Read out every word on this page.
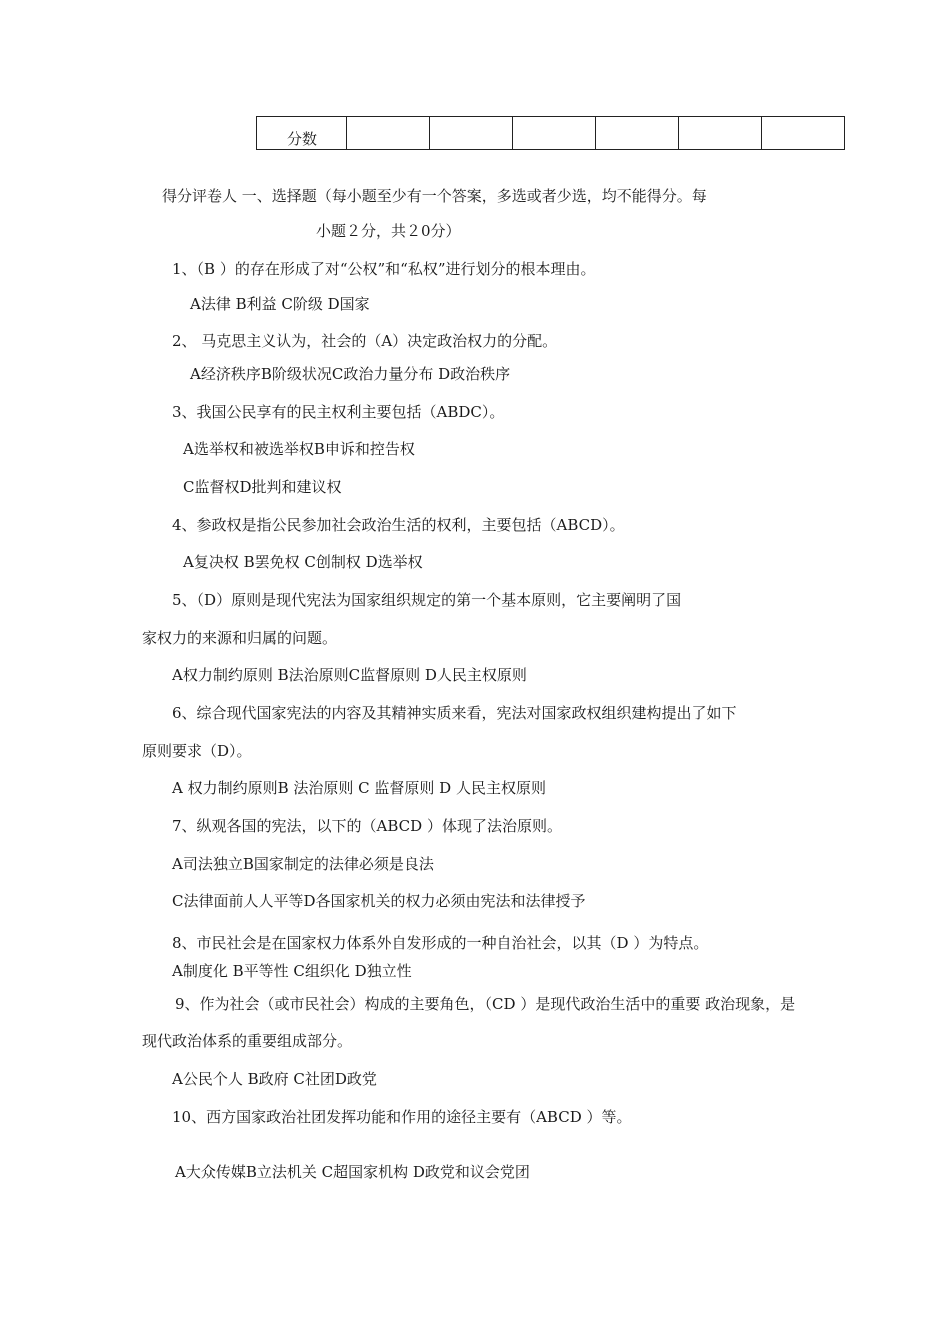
分数						
得分评卷人 一、选择题（每小题至少有一个答案，多选或者少选，均不能得分。每
小题２分，共２0分）
1、（B ）的存在形成了对“公权”和“私权”进行划分的根本理由。
A法律 B利益 C阶级 D国家
2、 马克思主义认为，社会的（A）决定政治权力的分配。
A经济秩序B阶级状况C政治力量分布 D政治秩序
3、我国公民享有的民主权利主要包括（ABDC）。
A选举权和被选举权B申诉和控告权
C监督权D批判和建议权
4、参政权是指公民参加社会政治生活的权利，主要包括（ABCD）。
A复决权 B罢免权 C创制权 D选举权
5、（D）原则是现代宪法为国家组织规定的第一个基本原则，它主要阐明了国
家权力的来源和归属的问题。
A权力制约原则 B法治原则C监督原则 D人民主权原则
6、综合现代国家宪法的内容及其精神实质来看，宪法对国家政权组织建构提出了如下
原则要求（D）。
A 权力制约原则B 法治原则 C 监督原则 D 人民主权原则
7、纵观各国的宪法，以下的（ABCD ）体现了法治原则。
A司法独立B国家制定的法律必须是良法
C法律面前人人平等D各国家机关的权力必须由宪法和法律授予
8、市民社会是在国家权力体系外自发形成的一种自治社会，以其（D ）为特点。
A制度化 B平等性 C组织化 D独立性
9、作为社会（或市民社会）构成的主要角色，（CD ）是现代政治生活中的重要 政治现象，是
现代政治体系的重要组成部分。
A公民个人 B政府 C社团D政党
10、西方国家政治社团发挥功能和作用的途径主要有（ABCD ）等。
A大众传媒B立法机关 C超国家机构 D政党和议会党团
